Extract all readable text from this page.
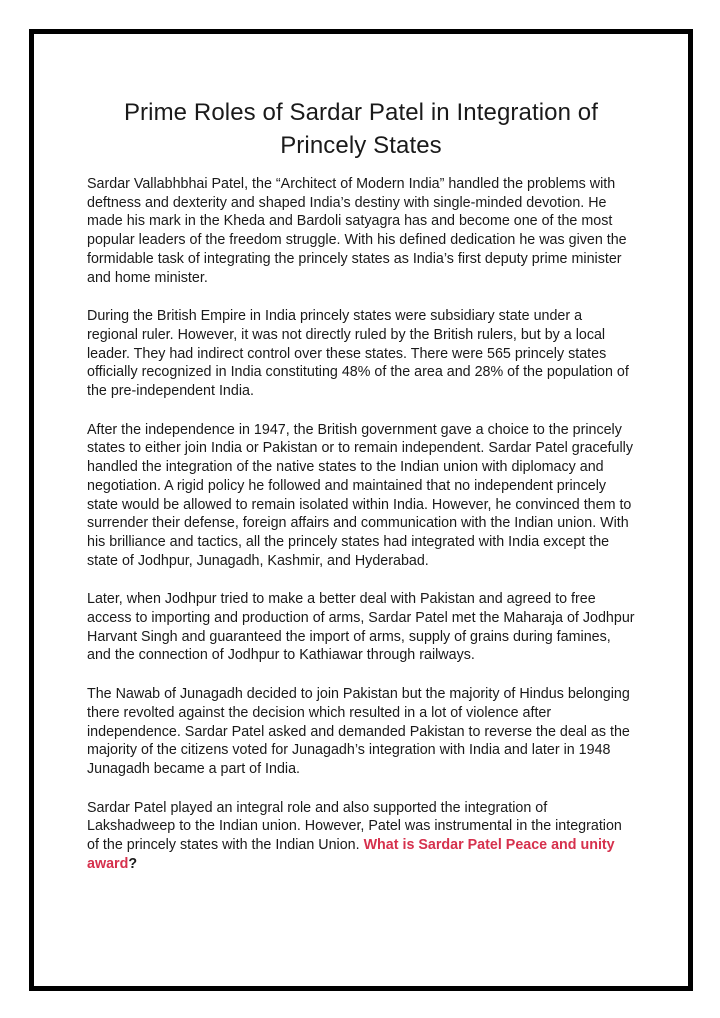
Prime Roles of Sardar Patel in Integration of Princely States

Sardar Vallabhbhai Patel, the “Architect of Modern India” handled the problems with deftness and dexterity and shaped India’s destiny with single-minded devotion. He made his mark in the Kheda and Bardoli satyagra has and become one of the most popular leaders of the freedom struggle. With his defined dedication he was given the formidable task of integrating the princely states as India’s first deputy prime minister and home minister.

During the British Empire in India princely states were subsidiary state under a regional ruler. However, it was not directly ruled by the British rulers, but by a local leader. They had indirect control over these states. There were 565 princely states officially recognized in India constituting 48% of the area and 28% of the population of the pre-independent India.

After the independence in 1947, the British government gave a choice to the princely states to either join India or Pakistan or to remain independent. Sardar Patel gracefully handled the integration of the native states to the Indian union with diplomacy and negotiation. A rigid policy he followed and maintained that no independent princely state would be allowed to remain isolated within India. However, he convinced them to surrender their defense, foreign affairs and communication with the Indian union. With his brilliance and tactics, all the princely states had integrated with India except the state of Jodhpur, Junagadh, Kashmir, and Hyderabad.

Later, when Jodhpur tried to make a better deal with Pakistan and agreed to free access to importing and production of arms, Sardar Patel met the Maharaja of Jodhpur Harvant Singh and guaranteed the import of arms, supply of grains during famines, and the connection of Jodhpur to Kathiawar through railways.

The Nawab of Junagadh decided to join Pakistan but the majority of Hindus belonging there revolted against the decision which resulted in a lot of violence after independence. Sardar Patel asked and demanded Pakistan to reverse the deal as the majority of the citizens voted for Junagadh’s integration with India and later in 1948 Junagadh became a part of India.

Sardar Patel played an integral role and also supported the integration of Lakshadweep to the Indian union. However, Patel was instrumental in the integration of the princely states with the Indian Union. What is Sardar Patel Peace and unity award?
